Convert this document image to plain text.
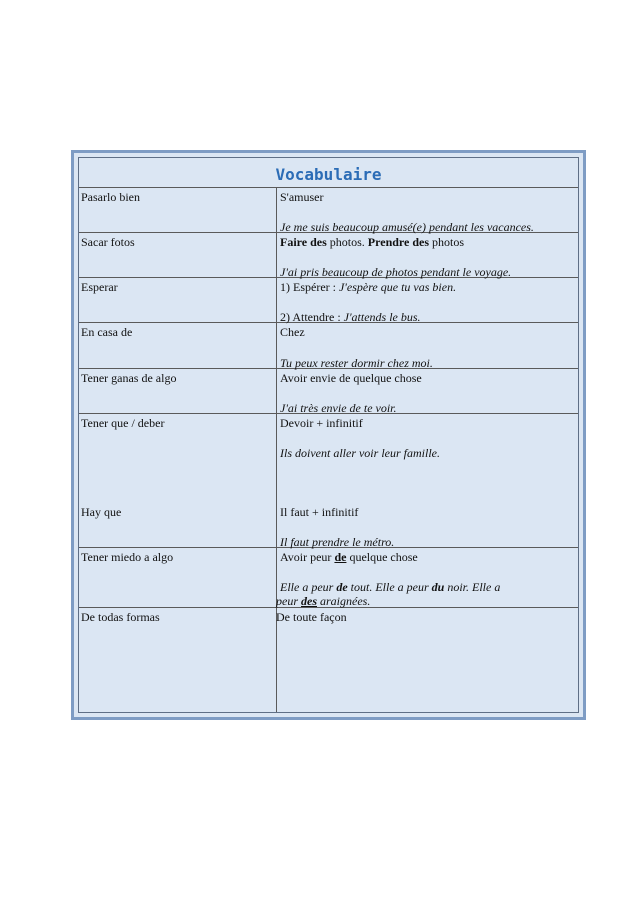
Vocabulaire
Pasarlo bien	S'amuser
Je me suis beaucoup amusé(e) pendant les vacances.
Sacar fotos	Faire des photos. Prendre des photos
J'ai pris beaucoup de photos pendant le voyage.
Esperar	1) Espérer : J'espère que tu vas bien.
2) Attendre : J'attends le bus.
En casa de	Chez
Tu peux rester dormir chez moi.
Tener ganas de algo	Avoir envie de quelque chose
J'ai très envie de te voir.
Tener que / deber	Devoir + infinitif
Ils doivent aller voir leur famille.
Hay que	Il faut + infinitif
Il faut prendre le métro.
Tener miedo a algo	Avoir peur de quelque chose
Elle a peur de tout. Elle a peur du noir. Elle a
peur des araignées.
De todas formas	De toute façon
